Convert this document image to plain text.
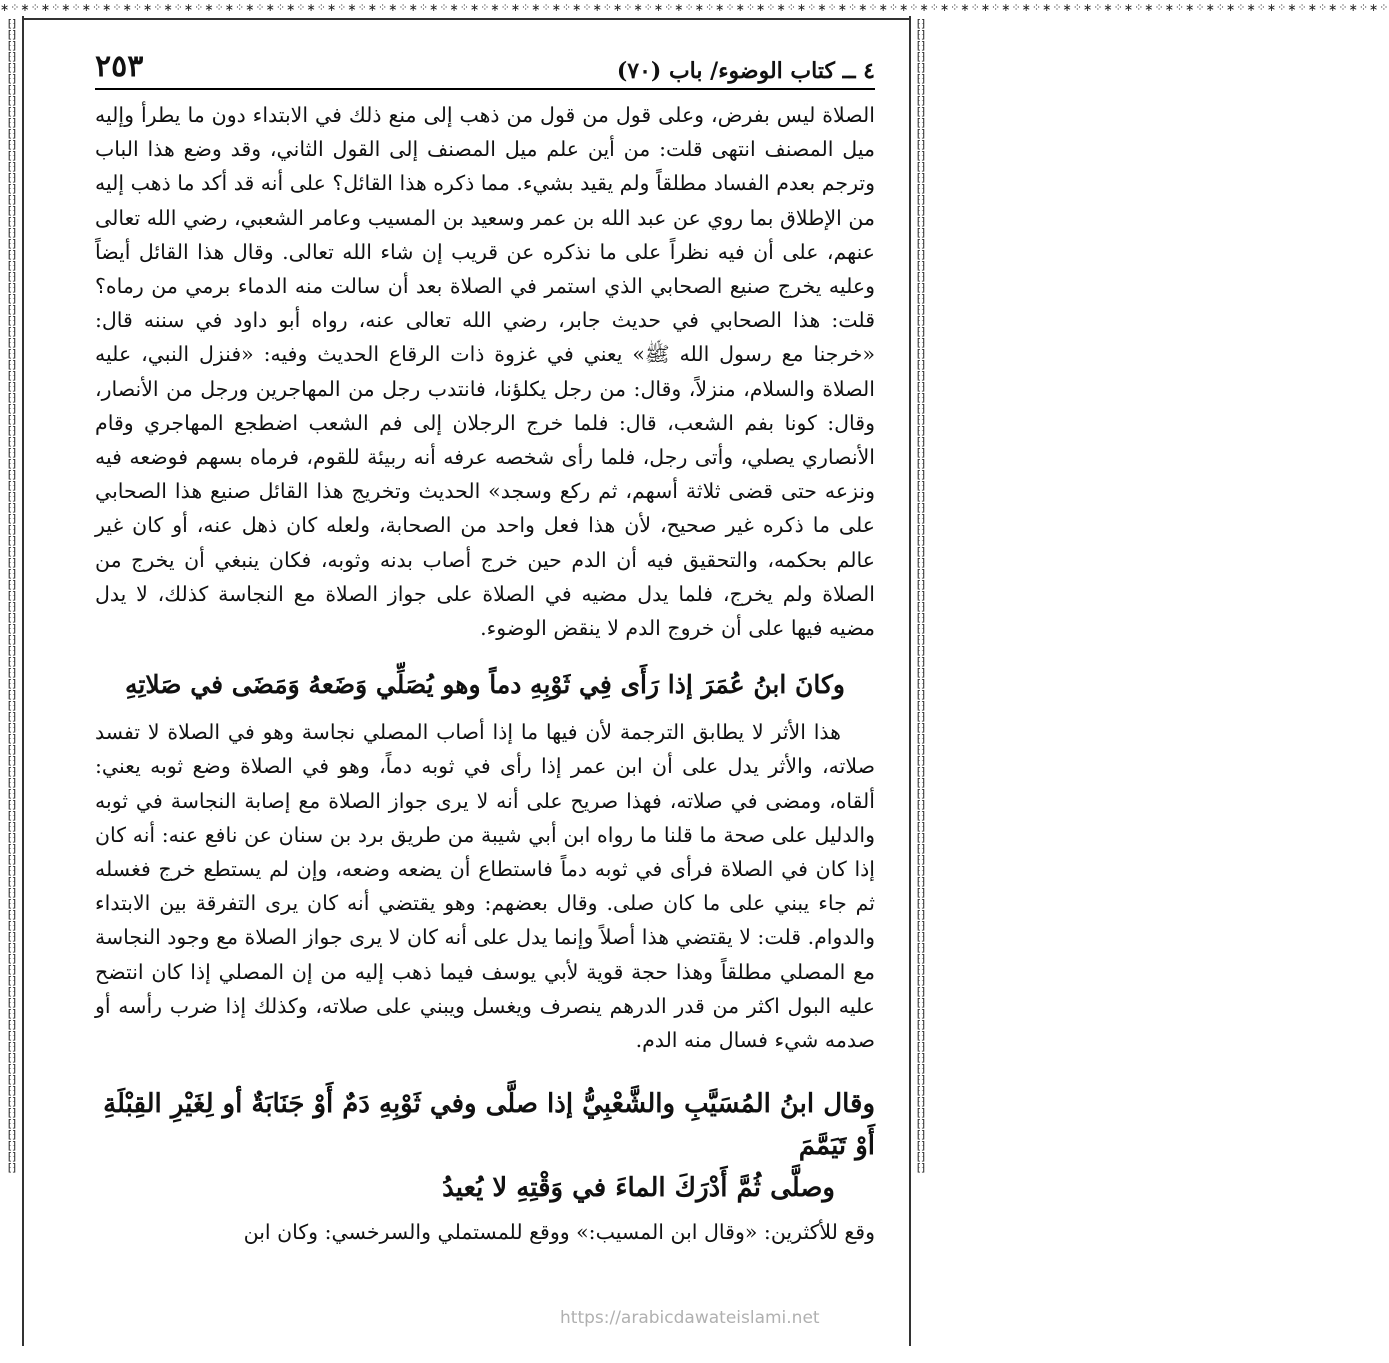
∗⁘∗⁘∗⁘∗⁘∗⁘∗⁘∗⁘∗⁘∗⁘∗⁘∗⁘∗⁘∗⁘∗⁘∗⁘∗⁘∗⁘∗⁘∗⁘∗⁘∗⁘∗⁘∗⁘∗⁘∗⁘∗⁘∗⁘∗⁘∗⁘∗⁘∗⁘∗⁘∗⁘∗⁘∗⁘∗⁘∗⁘∗⁘∗⁘∗⁘∗⁘∗⁘∗⁘∗⁘∗⁘∗⁘∗⁘∗⁘∗⁘∗⁘∗⁘∗⁘∗⁘∗⁘∗⁘∗⁘∗⁘∗⁘∗⁘∗⁘∗⁘∗⁘∗⁘∗⁘∗⁘∗⁘∗⁘∗⁘
⁅⁆⁅⁆⁅⁆⁅⁆⁅⁆⁅⁆⁅⁆⁅⁆⁅⁆⁅⁆⁅⁆⁅⁆⁅⁆⁅⁆⁅⁆⁅⁆⁅⁆⁅⁆⁅⁆⁅⁆⁅⁆⁅⁆⁅⁆⁅⁆⁅⁆⁅⁆⁅⁆⁅⁆⁅⁆⁅⁆⁅⁆⁅⁆⁅⁆⁅⁆⁅⁆⁅⁆⁅⁆⁅⁆⁅⁆⁅⁆⁅⁆⁅⁆⁅⁆⁅⁆⁅⁆⁅⁆⁅⁆⁅⁆⁅⁆⁅⁆⁅⁆⁅⁆⁅⁆⁅⁆⁅⁆⁅⁆⁅⁆⁅⁆⁅⁆⁅⁆⁅⁆⁅⁆⁅⁆⁅⁆⁅⁆⁅⁆⁅⁆⁅⁆⁅⁆⁅⁆⁅⁆⁅⁆⁅⁆⁅⁆⁅⁆⁅⁆⁅⁆⁅⁆⁅⁆⁅⁆⁅⁆⁅⁆⁅⁆⁅⁆⁅⁆⁅⁆⁅⁆⁅⁆⁅⁆⁅⁆⁅⁆⁅⁆⁅⁆⁅⁆⁅⁆⁅⁆⁅⁆⁅⁆⁅⁆⁅⁆⁅⁆⁅⁆⁅⁆⁅⁆⁅⁆
⁅⁆⁅⁆⁅⁆⁅⁆⁅⁆⁅⁆⁅⁆⁅⁆⁅⁆⁅⁆⁅⁆⁅⁆⁅⁆⁅⁆⁅⁆⁅⁆⁅⁆⁅⁆⁅⁆⁅⁆⁅⁆⁅⁆⁅⁆⁅⁆⁅⁆⁅⁆⁅⁆⁅⁆⁅⁆⁅⁆⁅⁆⁅⁆⁅⁆⁅⁆⁅⁆⁅⁆⁅⁆⁅⁆⁅⁆⁅⁆⁅⁆⁅⁆⁅⁆⁅⁆⁅⁆⁅⁆⁅⁆⁅⁆⁅⁆⁅⁆⁅⁆⁅⁆⁅⁆⁅⁆⁅⁆⁅⁆⁅⁆⁅⁆⁅⁆⁅⁆⁅⁆⁅⁆⁅⁆⁅⁆⁅⁆⁅⁆⁅⁆⁅⁆⁅⁆⁅⁆⁅⁆⁅⁆⁅⁆⁅⁆⁅⁆⁅⁆⁅⁆⁅⁆⁅⁆⁅⁆⁅⁆⁅⁆⁅⁆⁅⁆⁅⁆⁅⁆⁅⁆⁅⁆⁅⁆⁅⁆⁅⁆⁅⁆⁅⁆⁅⁆⁅⁆⁅⁆⁅⁆⁅⁆⁅⁆⁅⁆⁅⁆⁅⁆⁅⁆⁅⁆⁅⁆
٤ ــ كتاب الوضوء/ باب (٧٠)
٢٥٣

الصلاة ليس بفرض، وعلى قول من قول من ذهب إلى منع ذلك في الابتداء دون ما يطرأ وإليه ميل المصنف انتهى قلت: من أين علم ميل المصنف إلى القول الثاني، وقد وضع هذا الباب وترجم بعدم الفساد مطلقاً ولم يقيد بشيء. مما ذكره هذا القائل؟ على أنه قد أكد ما ذهب إليه من الإطلاق بما روي عن عبد الله بن عمر وسعيد بن المسيب وعامر الشعبي، رضي الله تعالى عنهم، على أن فيه نظراً على ما نذكره عن قريب إن شاء الله تعالى. وقال هذا القائل أيضاً وعليه يخرج صنيع الصحابي الذي استمر في الصلاة بعد أن سالت منه الدماء برمي من رماه؟ قلت: هذا الصحابي في حديث جابر، رضي الله تعالى عنه، رواه أبو داود في سننه قال: «خرجنا مع رسول الله ﷺ» يعني في غزوة ذات الرقاع الحديث وفيه: «فنزل النبي، عليه الصلاة والسلام، منزلاً، وقال: من رجل يكلؤنا، فانتدب رجل من المهاجرين ورجل من الأنصار، وقال: كونا بفم الشعب، قال: فلما خرج الرجلان إلى فم الشعب اضطجع المهاجري وقام الأنصاري يصلي، وأتى رجل، فلما رأى شخصه عرفه أنه ربيئة للقوم، فرماه بسهم فوضعه فيه ونزعه حتى قضى ثلاثة أسهم، ثم ركع وسجد» الحديث وتخريج هذا القائل صنيع هذا الصحابي على ما ذكره غير صحيح، لأن هذا فعل واحد من الصحابة، ولعله كان ذهل عنه، أو كان غير عالم بحكمه، والتحقيق فيه أن الدم حين خرج أصاب بدنه وثوبه، فكان ينبغي أن يخرج من الصلاة ولم يخرج، فلما يدل مضيه في الصلاة على جواز الصلاة مع النجاسة كذلك، لا يدل مضيه فيها على أن خروج الدم لا ينقض الوضوء.

وكانَ ابنُ عُمَرَ إذا رَأَى فِي ثَوْبِهِ دماً وهو يُصَلِّي وَضَعهُ وَمَضَى في صَلاتِهِ

هذا الأثر لا يطابق الترجمة لأن فيها ما إذا أصاب المصلي نجاسة وهو في الصلاة لا تفسد صلاته، والأثر يدل على أن ابن عمر إذا رأى في ثوبه دماً، وهو في الصلاة وضع ثوبه يعني: ألقاه، ومضى في صلاته، فهذا صريح على أنه لا يرى جواز الصلاة مع إصابة النجاسة في ثوبه والدليل على صحة ما قلنا ما رواه ابن أبي شيبة من طريق برد بن سنان عن نافع عنه: أنه كان إذا كان في الصلاة فرأى في ثوبه دماً فاستطاع أن يضعه وضعه، وإن لم يستطع خرج فغسله ثم جاء يبني على ما كان صلى. وقال بعضهم: وهو يقتضي أنه كان يرى التفرقة بين الابتداء والدوام. قلت: لا يقتضي هذا أصلاً وإنما يدل على أنه كان لا يرى جواز الصلاة مع وجود النجاسة مع المصلي مطلقاً وهذا حجة قوية لأبي يوسف فيما ذهب إليه من إن المصلي إذا كان انتضح عليه البول اكثر من قدر الدرهم ينصرف ويغسل ويبني على صلاته، وكذلك إذا ضرب رأسه أو صدمه شيء فسال منه الدم.

وقال ابنُ المُسَيَّبِ والشَّعْبِيُّ إذا صلَّى وفي ثَوْبِهِ دَمٌ أَوْ جَنَابَةٌ أو لِغَيْرِ القِبْلَةِ أَوْ تَيَمَّمَ
وصلَّى ثُمَّ أَدْرَكَ الماءَ في وَقْتِهِ لا يُعيدُ

وقع للأكثرين: «وقال ابن المسيب:» ووقع للمستملي والسرخسي: وكان ابن

https://arabicdawateislami.net
